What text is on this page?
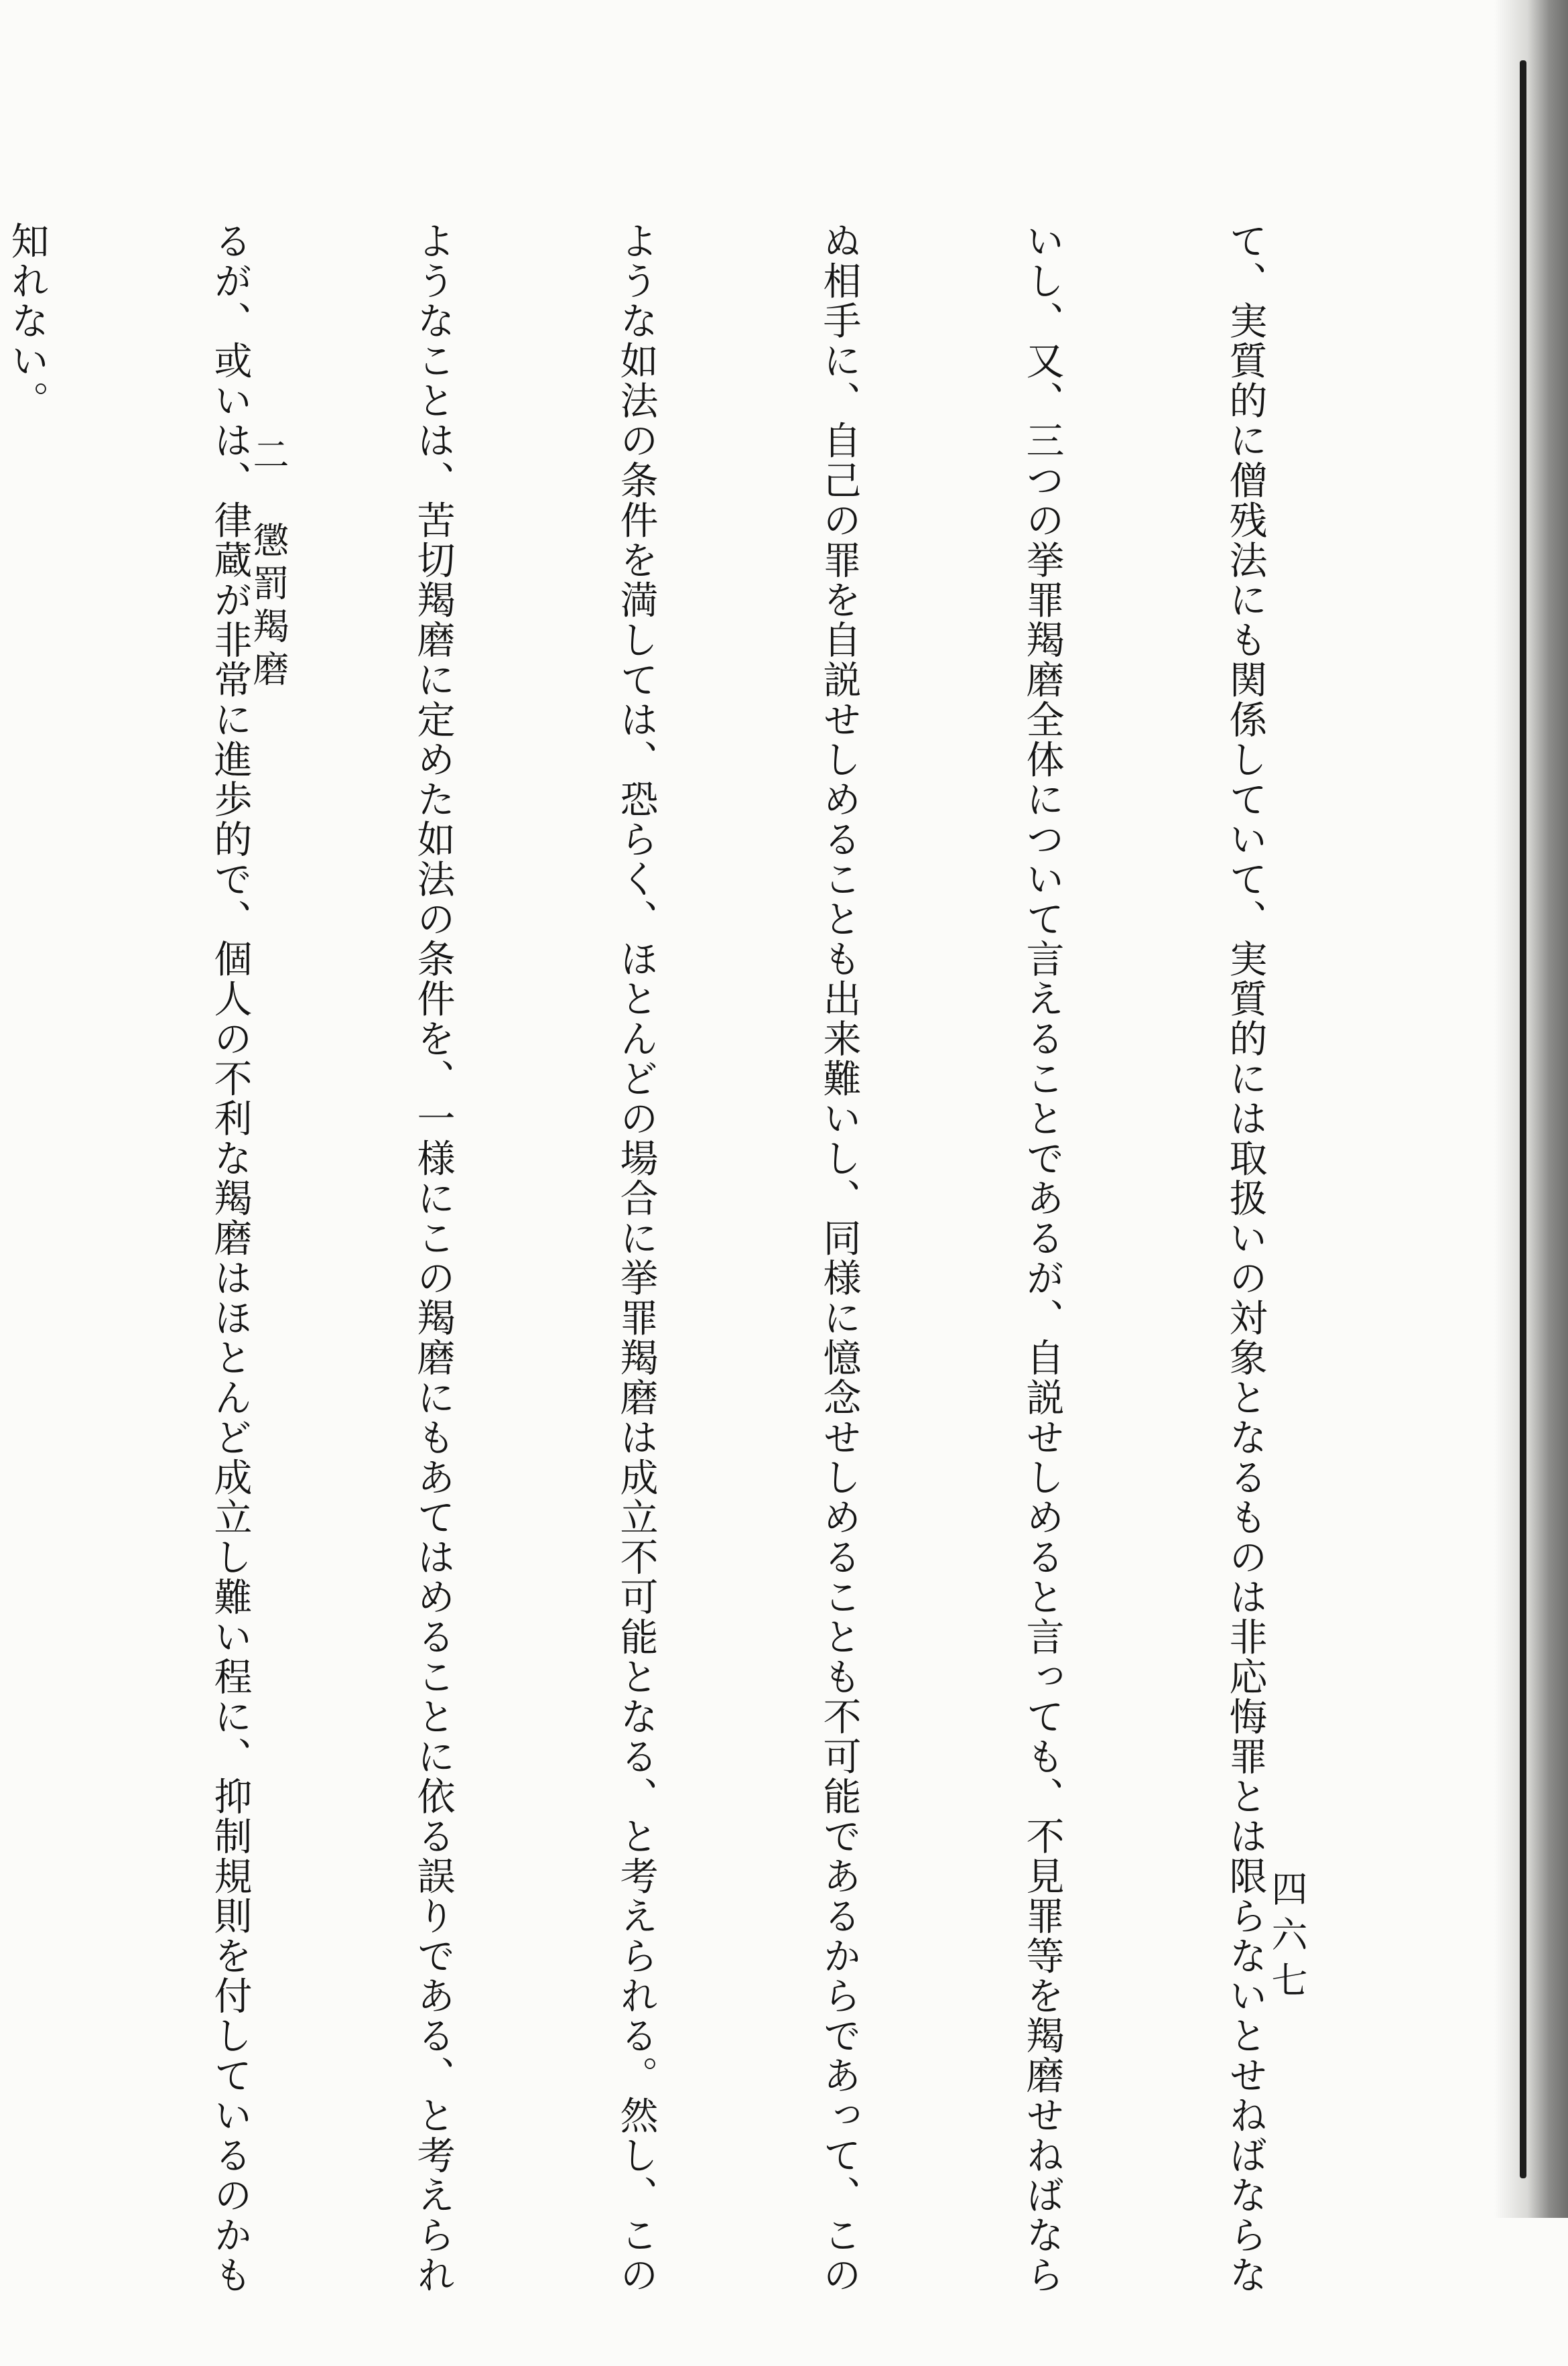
て、実質的に僧残法にも関係していて、実質的には取扱いの対象となるものは非応悔罪とは限らないとせねばならな

いし、又、三つの挙罪羯磨全体について言えることであるが、自説せしめると言っても、不見罪等を羯磨せねばなら

ぬ相手に、自己の罪を自説せしめることも出来難いし、同様に憶念せしめることも不可能であるからであって、この

ような如法の条件を満しては、恐らく、ほとんどの場合に挙罪羯磨は成立不可能となる、と考えられる。然し、この

ようなことは、苦切羯磨に定めた如法の条件を、一様にこの羯磨にもあてはめることに依る誤りである、と考えられ

るが、或いは、律蔵が非常に進歩的で、個人の不利な羯磨はほとんど成立し難い程に、抑制規則を付しているのかも

知れない。

二　懲罰羯磨
四六七
